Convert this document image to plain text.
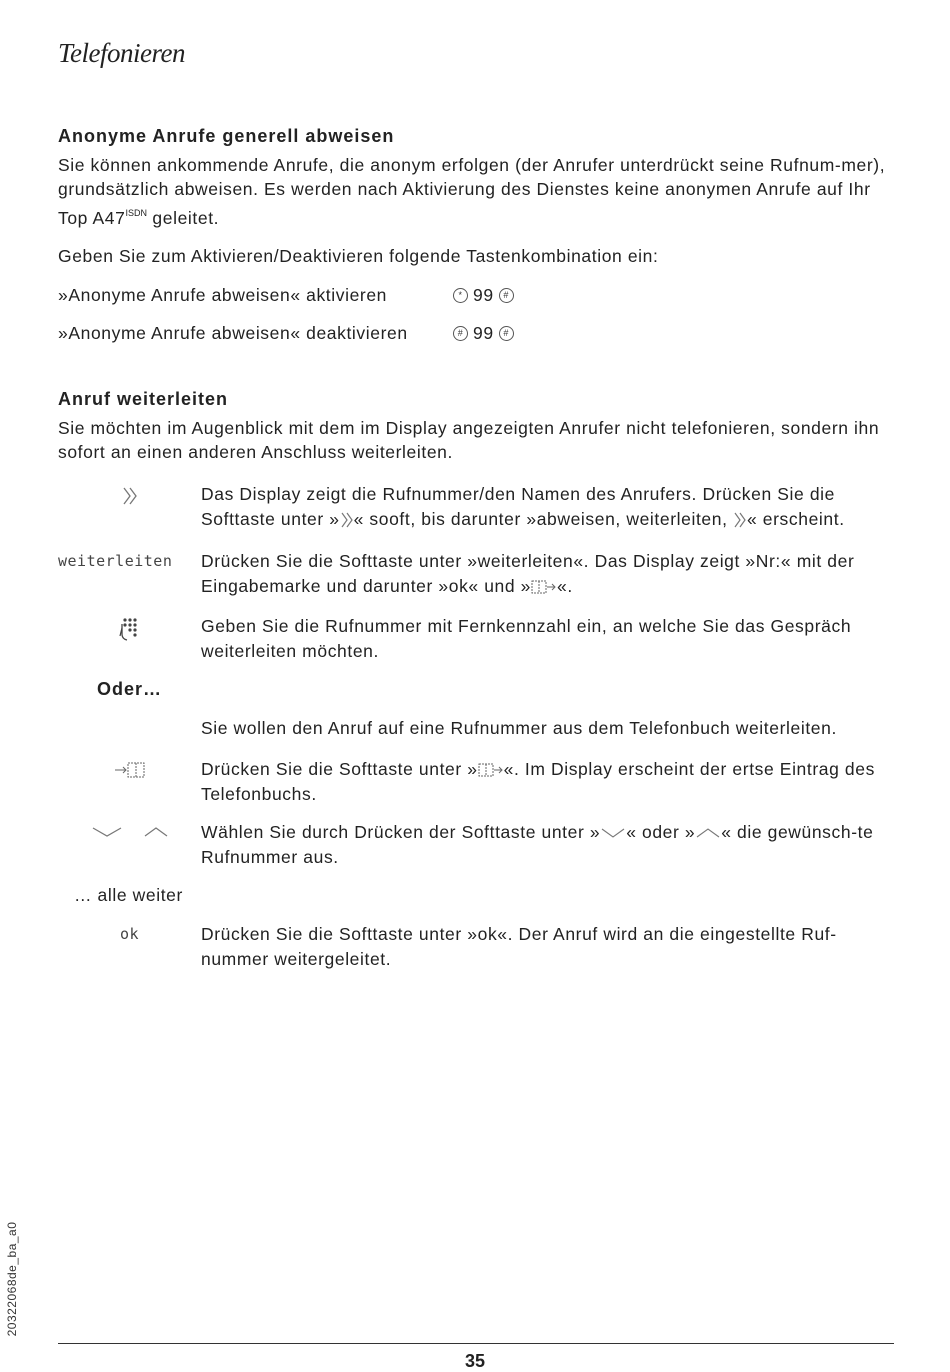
Telefonieren
Anonyme Anrufe generell abweisen

Sie können ankommende Anrufe, die anonym erfolgen (der Anrufer unterdrückt seine Rufnum-mer), grundsätzlich abweisen. Es werden nach Aktivierung des Dienstes keine anonymen Anrufe auf Ihr Top $A47^{ISDN}$ geleitet.

Geben Sie zum Aktivieren/Deaktivieren folgende Tastenkombination ein:

»Anonyme Anrufe abweisen« aktivieren	* 99	#
»Anonyme Anrufe abweisen« deaktivieren	# 99	#
Anruf weiterleiten

Sie möchten im Augenblick mit dem im Display angezeigten Anrufer nicht telefonieren, sondern ihn sofort an einen anderen Anschluss weiterleiten.

Das Display zeigt die Rufnummer/den Namen des Anrufers. Drücken Sie die Softtaste unter » « sooft, bis darunter »abweisen, weiterleiten, « erscheint.
weiterleiten Drücken Sie die Softtaste unter »weiterleiten«. Das Display zeigt »Nr:« mit der Eingabemarke und darunter »ok« und » «.
Geben Sie die Rufnummer mit Fernkennzahl ein, an welche Sie das Gespräch weiterleiten möchten.
Oder…
Sie wollen den Anruf auf eine Rufnummer aus dem Telefonbuch weiterleiten.
Drücken Sie die Softtaste unter » «. Im Display erscheint der ertse Eintrag des Telefonbuchs.
Wählen Sie durch Drücken der Softtaste unter » « oder » « die gewünsch-te Rufnummer aus.
… alle weiter
ok	Drücken Sie die Softtaste unter »ok«. Der Anruf wird an die eingestellte Ruf-nummer weitergeleitet.
20322068de_ba_a0
35
